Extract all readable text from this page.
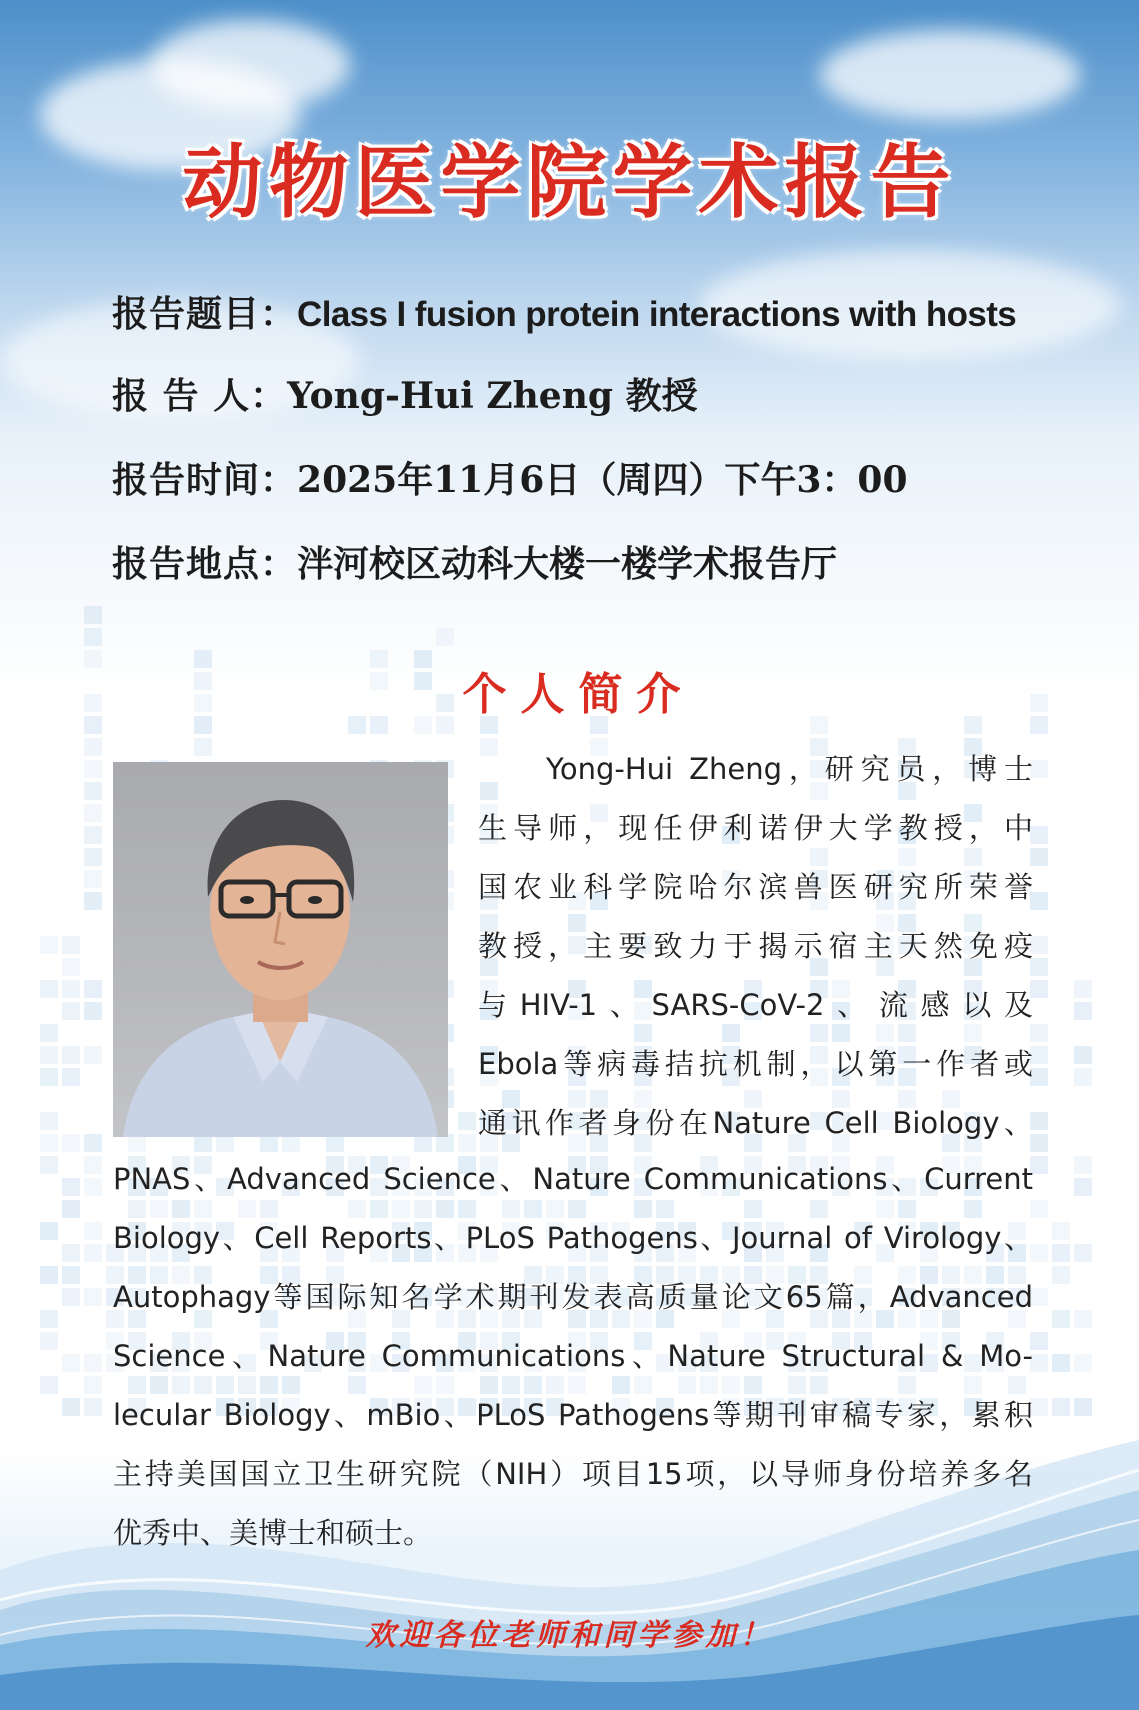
动物医学院学术报告
报告题目：Class I fusion protein interactions with hosts
报 告 人：Yong-Hui Zheng 教授
报告时间：2025年11月6日（周四）下午3：00
报告地点：泮河校区动科大楼一楼学术报告厅
个人简介

Yong-Hui Zheng，研究员，博士

生导师，现任伊利诺伊大学教授，中

国农业科学院哈尔滨兽医研究所荣誉

教授，主要致力于揭示宿主天然免疫

与HIV-1、SARS-CoV-2、流感以及

Ebola等病毒拮抗机制，以第一作者或

通讯作者身份在Nature Cell Biology、

PNAS、Advanced Science、Nature Communications、Current

Biology、Cell Reports、PLoS Pathogens、Journal of Virology、

Autophagy等国际知名学术期刊发表高质量论文65篇，Advanced

Science、Nature Communications、Nature Structural & Mo-

lecular Biology、mBio、PLoS Pathogens等期刊审稿专家，累积

主持美国国立卫生研究院（NIH）项目15项，以导师身份培养多名

优秀中、美博士和硕士。

欢迎各位老师和同学参加！
